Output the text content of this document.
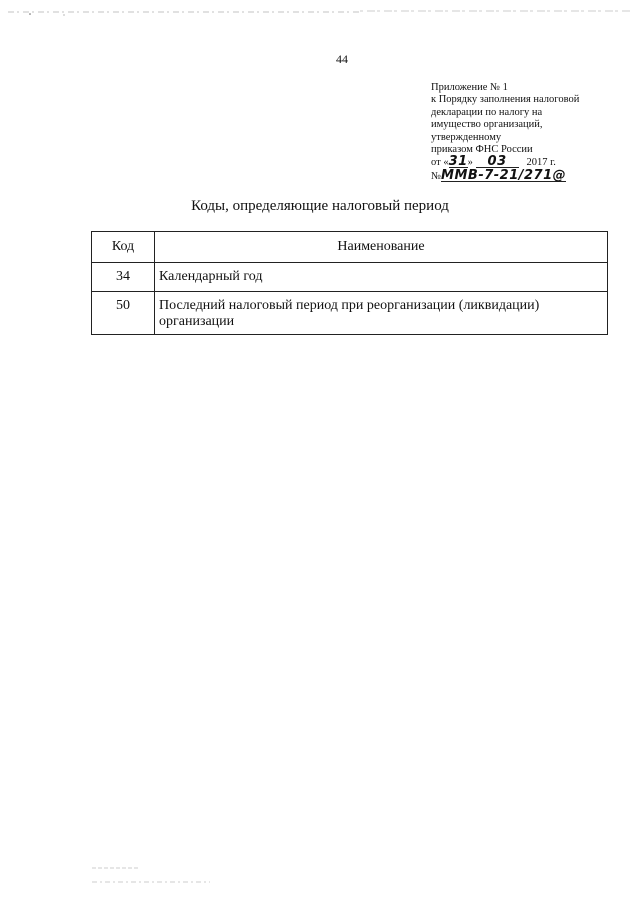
44
Приложение № 1
к Порядку заполнения налоговой
декларации по налогу на
имущество организаций,
утвержденному
приказом ФНС России
от «31» 03 2017 г.
№ММВ-7-21/271@
Коды, определяющие налоговый период
Код	Наименование
34	Календарный год
50	Последний налоговый период при реорганизации (ликвидации) организации
